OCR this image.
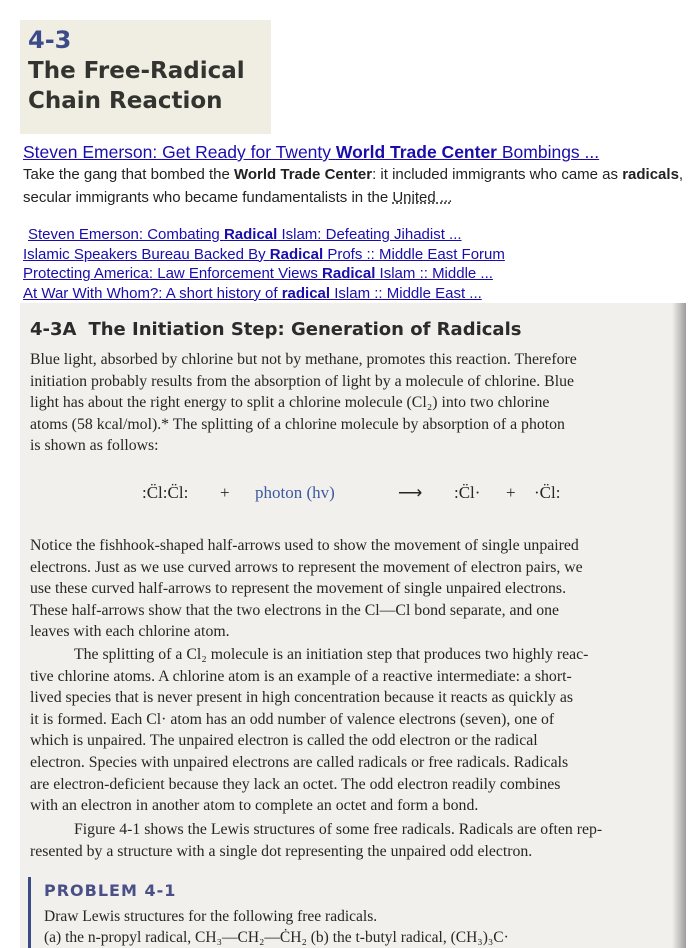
4-3
The Free-Radical
Chain Reaction
Steven Emerson: Get Ready for Twenty World Trade Center Bombings ...
Take the gang that bombed the World Trade Center: it included immigrants who came as radicals, secular immigrants who became fundamentalists in the United ...
Steven Emerson: Combating Radical Islam: Defeating Jihadist ...
Islamic Speakers Bureau Backed By Radical Profs :: Middle East Forum
Protecting America: Law Enforcement Views Radical Islam :: Middle ...
At War With Whom?: A short history of radical Islam :: Middle East ...
4-3A The Initiation Step: Generation of Radicals
Blue light, absorbed by chlorine but not by methane, promotes this reaction. Therefore
initiation probably results from the absorption of light by a molecule of chlorine. Blue
light has about the right energy to split a chlorine molecule (Cl₂) into two chlorine
atoms (58 kcal/mol).* The splitting of a chlorine molecule by absorption of a photon
is shown as follows:
:C̈l:C̈l: + photon (hv)	⟶ :C̈l· + ·C̈l:
Notice the fishhook-shaped half-arrows used to show the movement of single unpaired
electrons. Just as we use curved arrows to represent the movement of electron pairs, we
use these curved half-arrows to represent the movement of single unpaired electrons.
These half-arrows show that the two electrons in the Cl—Cl bond separate, and one
leaves with each chlorine atom.
The splitting of a Cl₂ molecule is an initiation step that produces two highly reac-
tive chlorine atoms. A chlorine atom is an example of a reactive intermediate: a short-
lived species that is never present in high concentration because it reacts as quickly as
it is formed. Each Cl· atom has an odd number of valence electrons (seven), one of
which is unpaired. The unpaired electron is called the odd electron or the radical
electron. Species with unpaired electrons are called radicals or free radicals. Radicals
are electron-deficient because they lack an octet. The odd electron readily combines
with an electron in another atom to complete an octet and form a bond.
Figure 4-1 shows the Lewis structures of some free radicals. Radicals are often rep-
resented by a structure with a single dot representing the unpaired odd electron.
PROBLEM 4-1
Draw Lewis structures for the following free radicals.
(a) the n-propyl radical, CH₃—CH₂—ĊH₂ (b) the t-butyl radical, (CH₃)₃C·
